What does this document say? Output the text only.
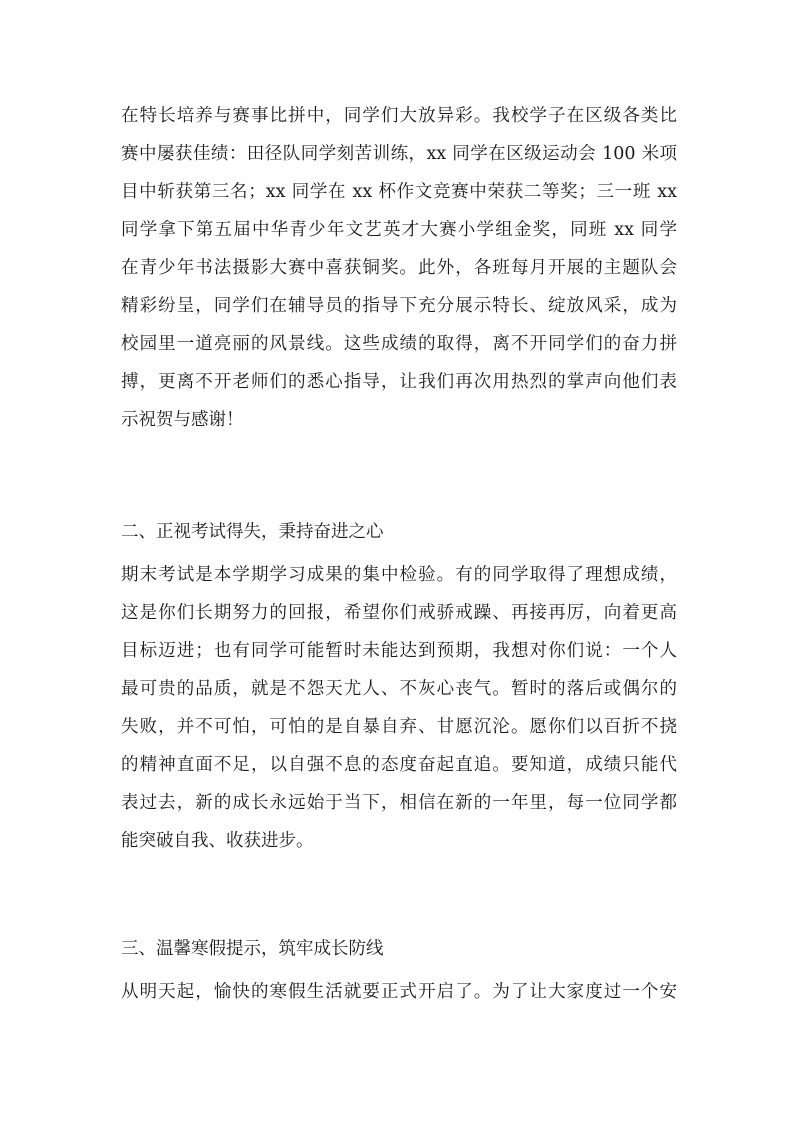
在特长培养与赛事比拼中，同学们大放异彩。我校学子在区级各类比
赛中屡获佳绩：田径队同学刻苦训练，xx 同学在区级运动会 100 米项
目中斩获第三名；xx 同学在 xx 杯作文竞赛中荣获二等奖；三一班 xx
同学拿下第五届中华青少年文艺英才大赛小学组金奖，同班 xx 同学
在青少年书法摄影大赛中喜获铜奖。此外，各班每月开展的主题队会
精彩纷呈，同学们在辅导员的指导下充分展示特长、绽放风采，成为
校园里一道亮丽的风景线。这些成绩的取得，离不开同学们的奋力拼
搏，更离不开老师们的悉心指导，让我们再次用热烈的掌声向他们表
示祝贺与感谢！
二、正视考试得失，秉持奋进之心
期末考试是本学期学习成果的集中检验。有的同学取得了理想成绩，
这是你们长期努力的回报，希望你们戒骄戒躁、再接再厉，向着更高
目标迈进；也有同学可能暂时未能达到预期，我想对你们说：一个人
最可贵的品质，就是不怨天尤人、不灰心丧气。暂时的落后或偶尔的
失败，并不可怕，可怕的是自暴自弃、甘愿沉沦。愿你们以百折不挠
的精神直面不足，以自强不息的态度奋起直追。要知道，成绩只能代
表过去，新的成长永远始于当下，相信在新的一年里，每一位同学都
能突破自我、收获进步。
三、温馨寒假提示，筑牢成长防线
从明天起，愉快的寒假生活就要正式开启了。为了让大家度过一个安
